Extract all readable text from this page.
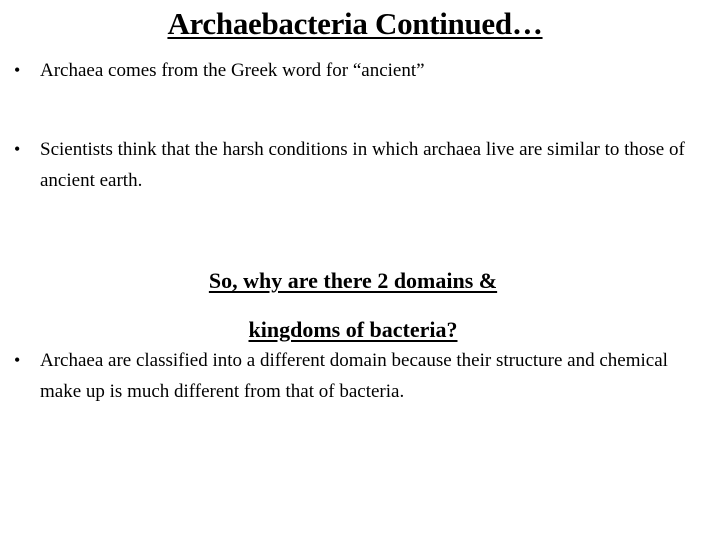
Archaebacteria Continued…
•	Archaea comes from the Greek word for “ancient”
•	Scientists think that the harsh conditions in which archaea live are similar to those of ancient earth.
So, why are there 2 domains &
kingdoms of bacteria?
•	Archaea are classified into a different domain because their structure and chemical make up is much different from that of bacteria.
